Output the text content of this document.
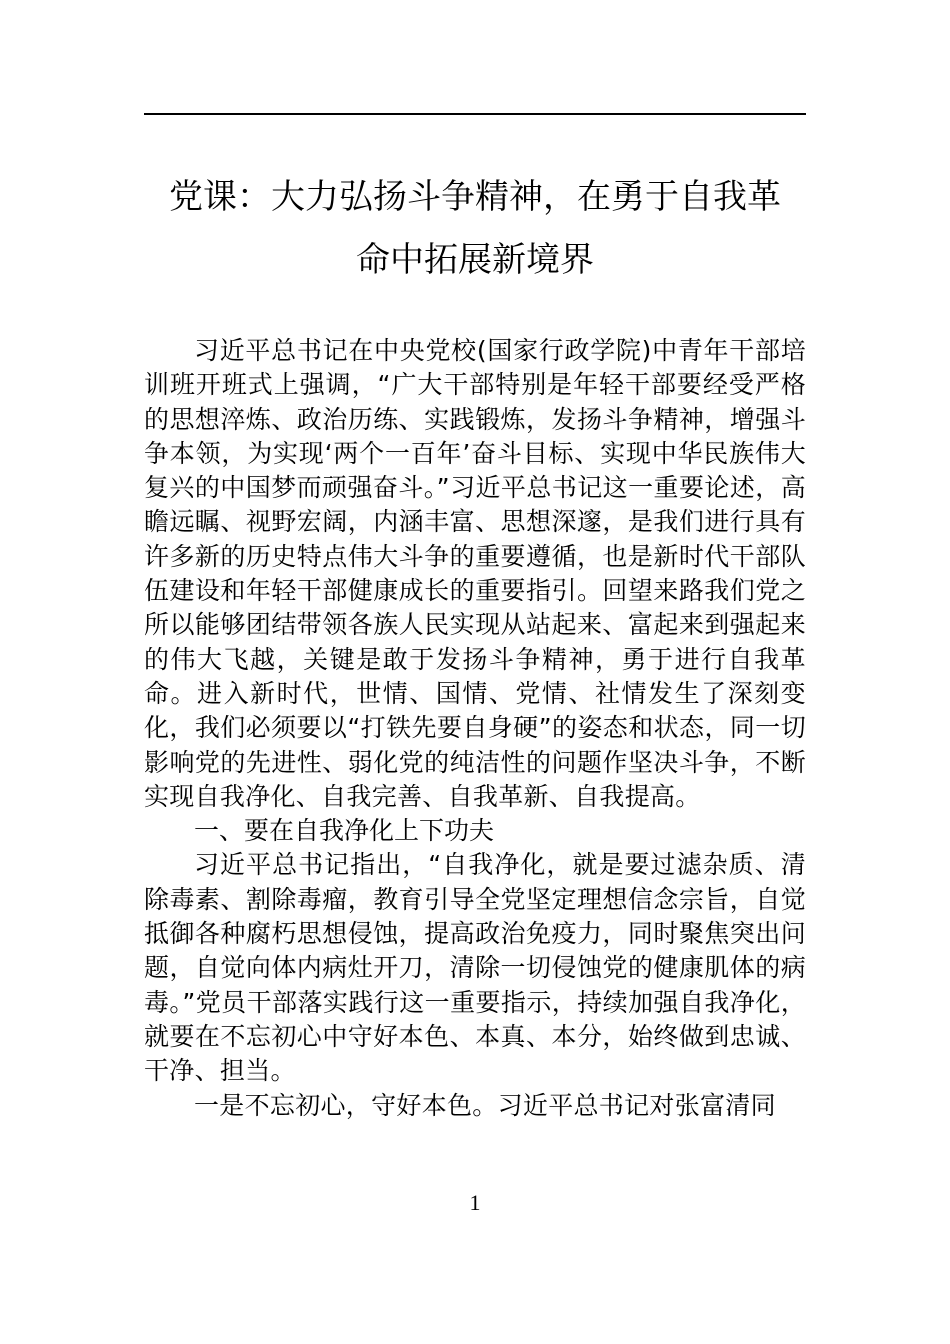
党课：大力弘扬斗争精神，在勇于自我革
命中拓展新境界

习近平总书记在中央党校(国家行政学院)中青年干部培训班开班式上强调，“广大干部特别是年轻干部要经受严格的思想淬炼、政治历练、实践锻炼，发扬斗争精神，增强斗争本领，为实现‘两个一百年’奋斗目标、实现中华民族伟大复兴的中国梦而顽强奋斗。”习近平总书记这一重要论述，高瞻远瞩、视野宏阔，内涵丰富、思想深邃，是我们进行具有许多新的历史特点伟大斗争的重要遵循，也是新时代干部队伍建设和年轻干部健康成长的重要指引。回望来路我们党之所以能够团结带领各族人民实现从站起来、富起来到强起来的伟大飞越，关键是敢于发扬斗争精神，勇于进行自我革命。进入新时代，世情、国情、党情、社情发生了深刻变化，我们必须要以“打铁先要自身硬”的姿态和状态，同一切影响党的先进性、弱化党的纯洁性的问题作坚决斗争，不断实现自我净化、自我完善、自我革新、自我提高。

一、要在自我净化上下功夫

习近平总书记指出，“自我净化，就是要过滤杂质、清除毒素、割除毒瘤，教育引导全党坚定理想信念宗旨，自觉抵御各种腐朽思想侵蚀，提高政治免疫力，同时聚焦突出问题，自觉向体内病灶开刀，清除一切侵蚀党的健康肌体的病毒。”党员干部落实践行这一重要指示，持续加强自我净化，就要在不忘初心中守好本色、本真、本分，始终做到忠诚、干净、担当。

一是不忘初心，守好本色。习近平总书记对张富清同

1
